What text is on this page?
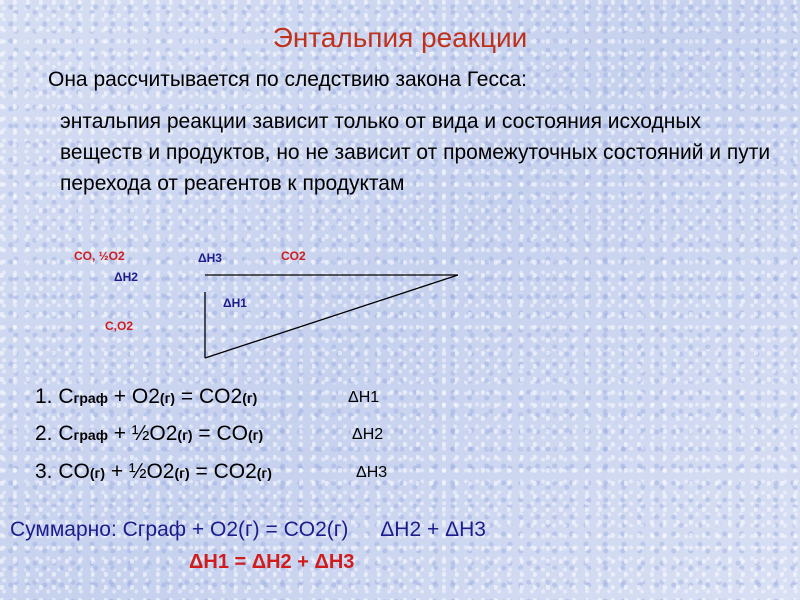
Энтальпия реакции
Она рассчитывается по следствию закона Гесса:
энтальпия реакции зависит только от вида и состояния исходных веществ и продуктов, но не зависит от промежуточных состояний и пути перехода от реагентов к продуктам
CO, ½O2	ΔH3	CO2
ΔH2
ΔH1
C,O2
1. Cграф + O2(г) = CO2(г)	ΔH1
2. Cграф + ½O2(г) = CO(г)	ΔH2
3. CO(г) + ½O2(г) = CO2(г)	ΔH3
Суммарно: Сграф + O2(г) = CO2(г) ΔH2 + ΔH3
ΔH1 = ΔH2 + ΔH3
